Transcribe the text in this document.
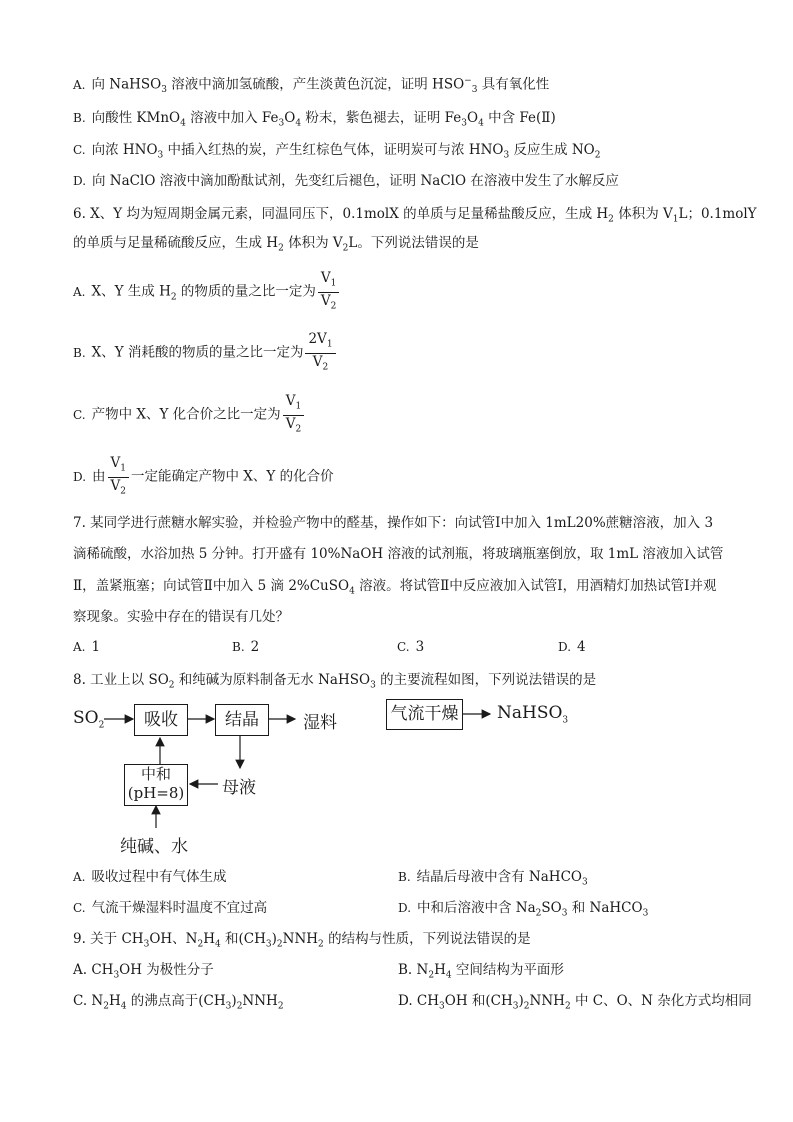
A. 向 NaHSO$_3$ 溶液中滴加氢硫酸，产生淡黄色沉淀，证明 $HSO^-_3$ 具有氧化性
B. 向酸性 KMnO$_4$ 溶液中加入 $Fe_3O_4$ 粉末，紫色褪去，证明 $Fe_3O_4$ 中含 Fe(Ⅱ)
C. 向浓 $HNO_3$ 中插入红热的炭，产生红棕色气体，证明炭可与浓 $HNO_3$ 反应生成 $NO_2$
D. 向 NaClO 溶液中滴加酚酞试剂，先变红后褪色，证明 NaClO 在溶液中发生了水解反应
6. X、Y 均为短周期金属元素，同温同压下，0.1molX 的单质与足量稀盐酸反应，生成 $H_2$ 体积为 $V_1L$；0.1molY
的单质与足量稀硫酸反应，生成 $H_2$ 体积为 $V_2L$。下列说法错误的是
A. X、Y 生成 $H_2$ 的物质的量之比一定为 $\frac{V_1}{V_2}$
B. X、Y 消耗酸的物质的量之比一定为 $\frac{2V_1}{V_2}$
C. 产物中 X、Y 化合价之比一定为 $\frac{V_1}{V_2}$
D. 由 $\frac{V_1}{V_2}$ 一定能确定产物中 X、Y 的化合价
7. 某同学进行蔗糖水解实验，并检验产物中的醛基，操作如下：向试管Ⅰ中加入 1mL20%蔗糖溶液，加入 3
滴稀硫酸，水浴加热 5 分钟。打开盛有 10%NaOH 溶液的试剂瓶，将玻璃瓶塞倒放，取 1mL 溶液加入试管
Ⅱ，盖紧瓶塞；向试管Ⅱ中加入 5 滴 2%CuSO$_4$ 溶液。将试管Ⅱ中反应液加入试管Ⅰ，用酒精灯加热试管Ⅰ并观
察现象。实验中存在的错误有几处？
A. 1	B. 2	C. 3	D. 4
8. 工业上以 $SO_2$ 和纯碱为原料制备无水 NaHSO$_3$ 的主要流程如图，下列说法错误的是
$SO_2$	吸收	结晶	湿料	气流干燥 NaHSO$_3$
中和
(pH=8) 母液
纯碱、水
A. 吸收过程中有气体生成	B. 结晶后母液中含有 NaHCO$_3$
C. 气流干燥湿料时温度不宜过高	D. 中和后溶液中含 $Na_2SO_3$ 和 NaHCO$_3$
9. 关于 $CH_3OH$、$N_2H_4$ 和$(CH_3)_2NNH_2$ 的结构与性质，下列说法错误的是
A. $CH_3OH$ 为极性分子	B. $N_2H_4$ 空间结构为平面形
C. $N_2H_4$ 的沸点高于$(CH_3)_2NNH_2$	D. $CH_3OH$ 和$(CH_3)_2NNH_2$ 中 C、O、N 杂化方式均相同
